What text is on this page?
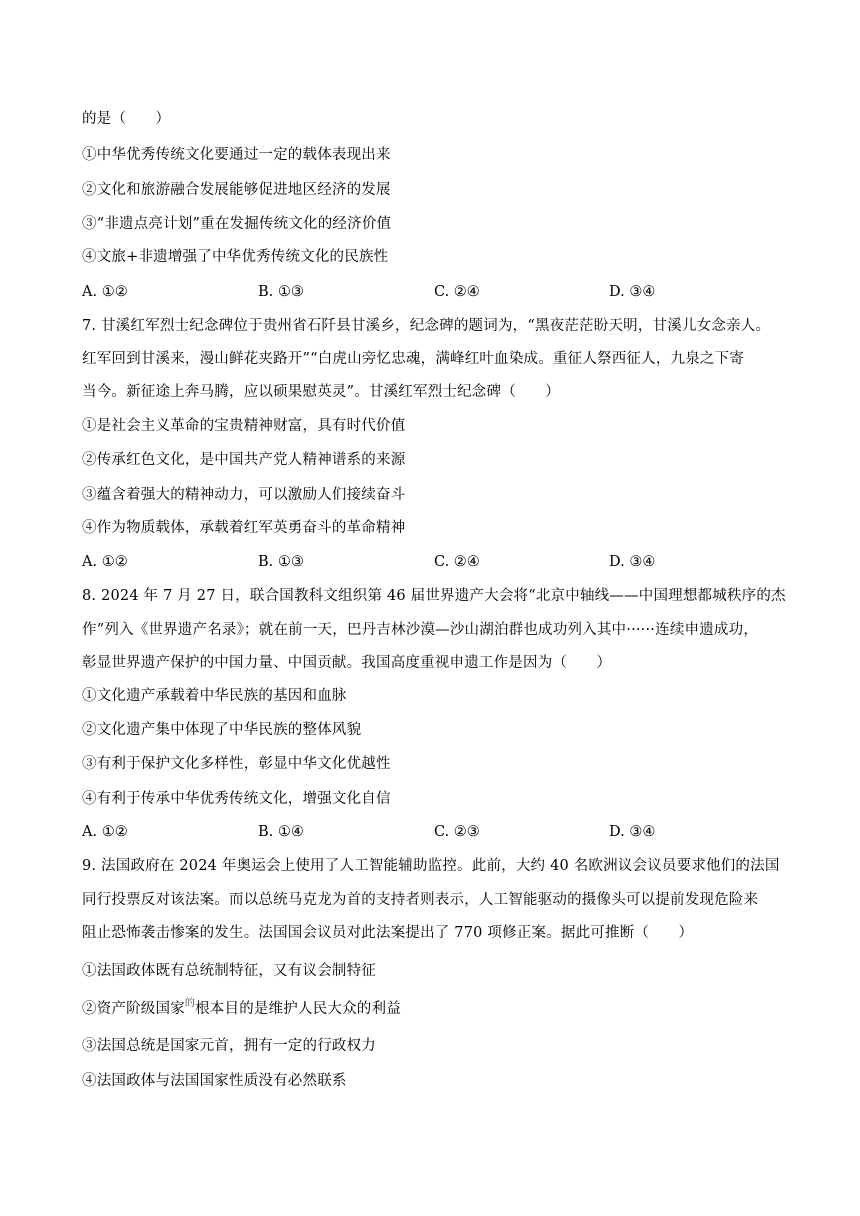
的是（　　）
①中华优秀传统文化要通过一定的载体表现出来
②文化和旅游融合发展能够促进地区经济的发展
③“非遗点亮计划”重在发掘传统文化的经济价值
④文旅+非遗增强了中华优秀传统文化的民族性
A. ①②	B. ①③	C. ②④	D. ③④
7. 甘溪红军烈士纪念碑位于贵州省石阡县甘溪乡，纪念碑的题词为，“黑夜茫茫盼天明，甘溪儿女念亲人。
红军回到甘溪来，漫山鲜花夹路开”“白虎山旁忆忠魂，满峰红叶血染成。重征人祭西征人，九泉之下寄
当今。新征途上奔马腾，应以硕果慰英灵”。甘溪红军烈士纪念碑（　　）
①是社会主义革命的宝贵精神财富，具有时代价值
②传承红色文化，是中国共产党人精神谱系的来源
③蕴含着强大的精神动力，可以激励人们接续奋斗
④作为物质载体，承载着红军英勇奋斗的革命精神
A. ①②	B. ①③	C. ②④	D. ③④
8. 2024 年 7 月 27 日，联合国教科文组织第 46 届世界遗产大会将“北京中轴线——中国理想都城秩序的杰
作”列入《世界遗产名录》；就在前一天，巴丹吉林沙漠—沙山湖泊群也成功列入其中······连续申遗成功，
彰显世界遗产保护的中国力量、中国贡献。我国高度重视申遗工作是因为（　　）
①文化遗产承载着中华民族的基因和血脉
②文化遗产集中体现了中华民族的整体风貌
③有利于保护文化多样性，彰显中华文化优越性
④有利于传承中华优秀传统文化，增强文化自信
A. ①②	B. ①④	C. ②③	D. ③④
9. 法国政府在 2024 年奥运会上使用了人工智能辅助监控。此前，大约 40 名欧洲议会议员要求他们的法国
同行投票反对该法案。而以总统马克龙为首的支持者则表示，人工智能驱动的摄像头可以提前发现危险来
阻止恐怖袭击惨案的发生。法国国会议员对此法案提出了 770 项修正案。据此可推断（　　）
①法国政体既有总统制特征，又有议会制特征
②资产阶级国家$^的$根本目的是维护人民大众的利益
③法国总统是国家元首，拥有一定的行政权力
④法国政体与法国国家性质没有必然联系
